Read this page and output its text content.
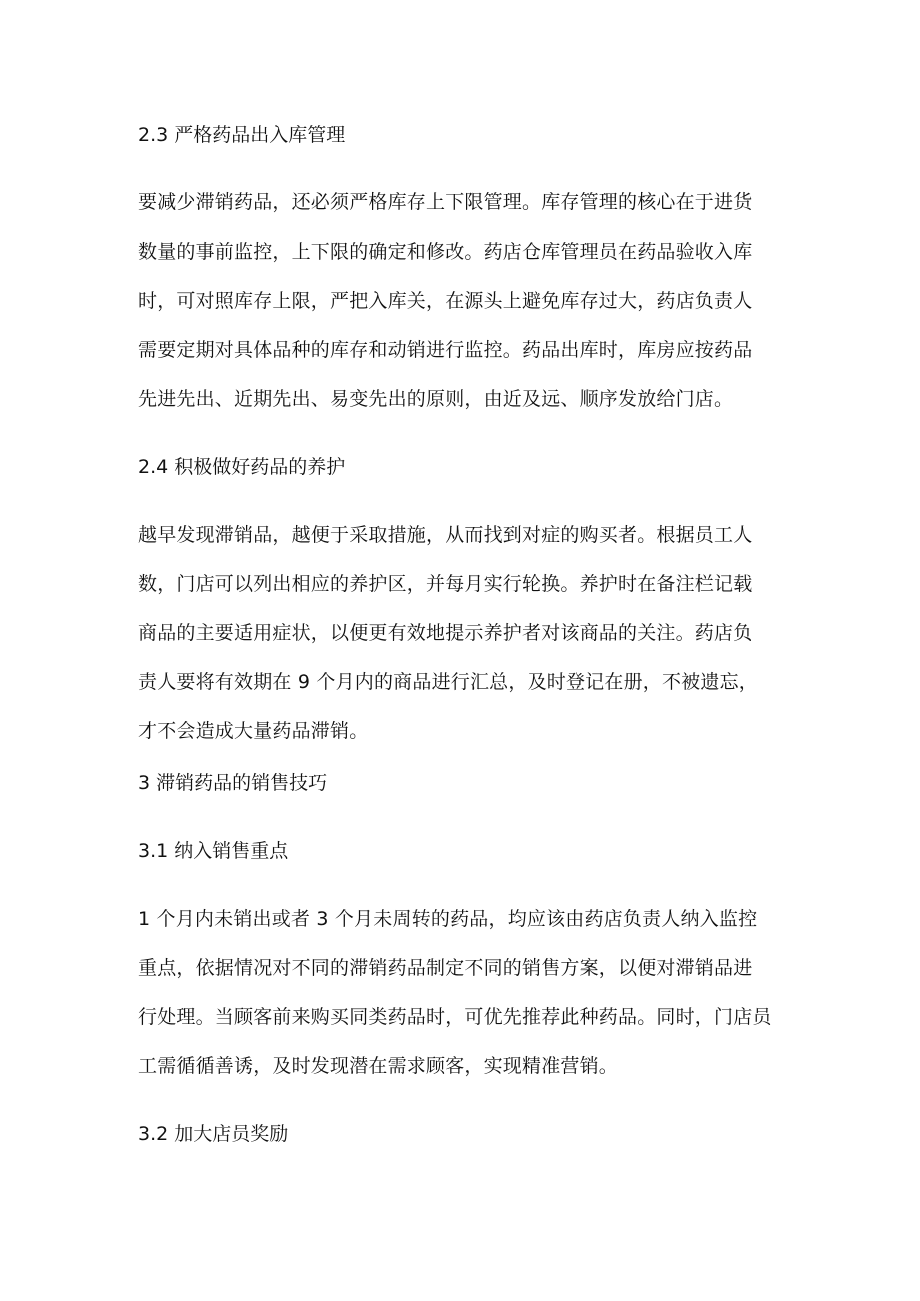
2.3 严格药品出入库管理
要减少滞销药品，还必须严格库存上下限管理。库存管理的核心在于进货
数量的事前监控，上下限的确定和修改。药店仓库管理员在药品验收入库
时，可对照库存上限，严把入库关，在源头上避免库存过大，药店负责人
需要定期对具体品种的库存和动销进行监控。药品出库时，库房应按药品
先进先出、近期先出、易变先出的原则，由近及远、顺序发放给门店。
2.4 积极做好药品的养护
越早发现滞销品，越便于采取措施，从而找到对症的购买者。根据员工人
数，门店可以列出相应的养护区，并每月实行轮换。养护时在备注栏记载
商品的主要适用症状，以便更有效地提示养护者对该商品的关注。药店负
责人要将有效期在 9 个月内的商品进行汇总，及时登记在册，不被遗忘，
才不会造成大量药品滞销。
3 滞销药品的销售技巧
3.1 纳入销售重点
1 个月内未销出或者 3 个月未周转的药品，均应该由药店负责人纳入监控
重点，依据情况对不同的滞销药品制定不同的销售方案，以便对滞销品进
行处理。当顾客前来购买同类药品时，可优先推荐此种药品。同时，门店员
工需循循善诱，及时发现潜在需求顾客，实现精准营销。
3.2 加大店员奖励
